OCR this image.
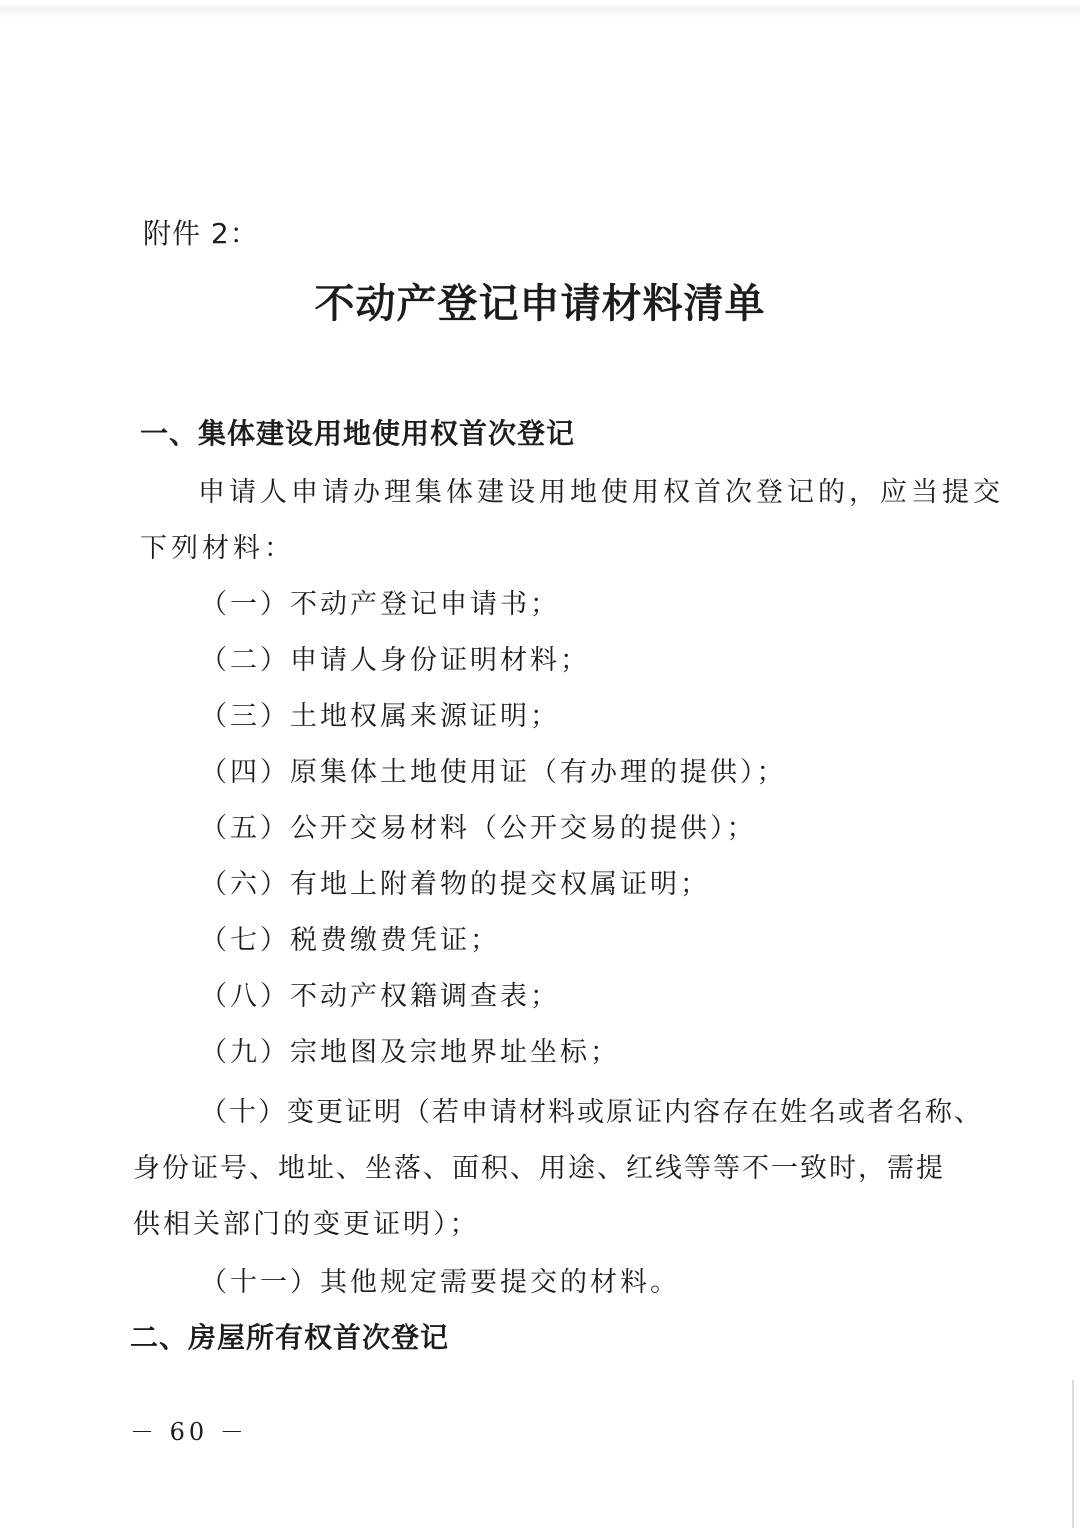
附件 2：
不动产登记申请材料清单
一、集体建设用地使用权首次登记
申请人申请办理集体建设用地使用权首次登记的，应当提交
下列材料：
（一）不动产登记申请书；
（二）申请人身份证明材料；
（三）土地权属来源证明；
（四）原集体土地使用证（有办理的提供）；
（五）公开交易材料（公开交易的提供）；
（六）有地上附着物的提交权属证明；
（七）税费缴费凭证；
（八）不动产权籍调查表；
（九）宗地图及宗地界址坐标；
（十）变更证明（若申请材料或原证内容存在姓名或者名称、
身份证号、地址、坐落、面积、用途、红线等等不一致时，需提
供相关部门的变更证明）；
（十一）其他规定需要提交的材料。
二、房屋所有权首次登记
－ 60 －
